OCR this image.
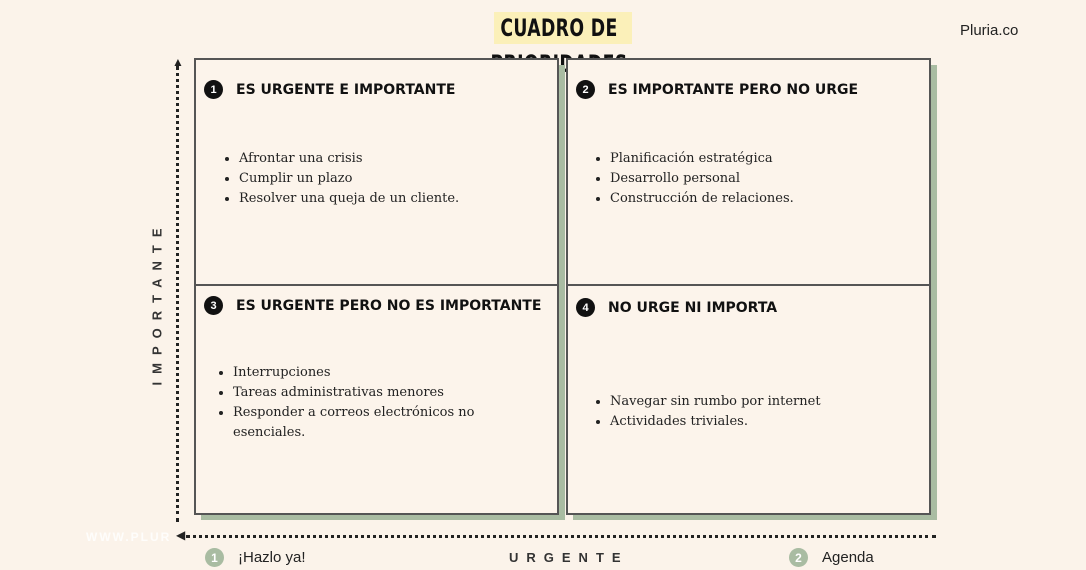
CUADRO DE	Pluria.co
▲
IMPORTANTE
◀
URGENTE
1	ES URGENTE E IMPORTANTE
• Afrontar una crisis
• Cumplir un plazo
• Resolver una queja de un cliente.
2	ES IMPORTANTE PERO NO URGE
• Planificación estratégica
• Desarrollo personal
• Construcción de relaciones.
3	ES URGENTE PERO NO ES IMPORTANTE
• Interrupciones
• Tareas administrativas menores
• Responder a correos electrónicos no esenciales.
4	NO URGE NI IMPORTA
• Navegar sin rumbo por internet
• Actividades triviales.
WWW.PLUR
1	¡Hazlo ya!	2	Agenda
